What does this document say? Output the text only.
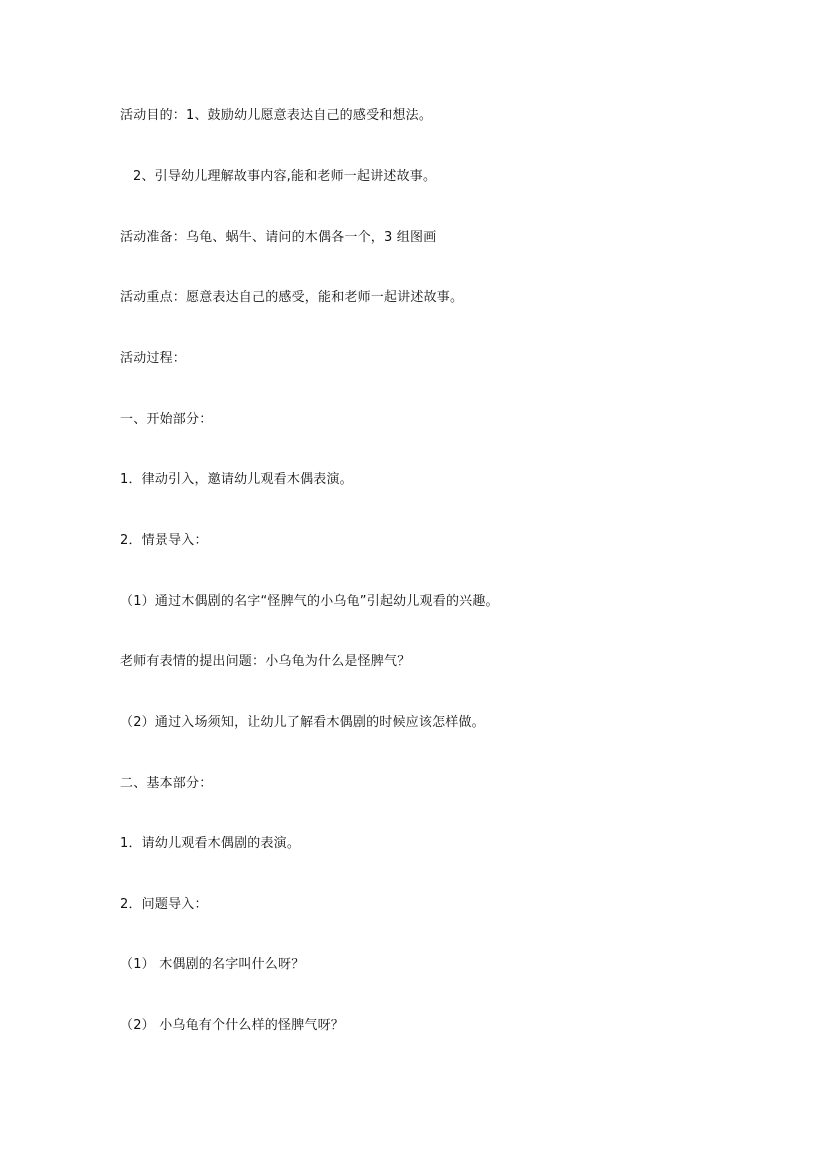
活动目的：1、鼓励幼儿愿意表达自己的感受和想法。
2、引导幼儿理解故事内容,能和老师一起讲述故事。
活动准备：乌龟、蜗牛、请问的木偶各一个，3 组图画
活动重点：愿意表达自己的感受，能和老师一起讲述故事。
活动过程：
一、开始部分：
1．律动引入，邀请幼儿观看木偶表演。
2．情景导入：
（1）通过木偶剧的名字“怪脾气的小乌龟”引起幼儿观看的兴趣。
老师有表情的提出问题：小乌龟为什么是怪脾气？
（2）通过入场须知，让幼儿了解看木偶剧的时候应该怎样做。
二、基本部分：
1．请幼儿观看木偶剧的表演。
2．问题导入：
（1） 木偶剧的名字叫什么呀？
（2） 小乌龟有个什么样的怪脾气呀？
